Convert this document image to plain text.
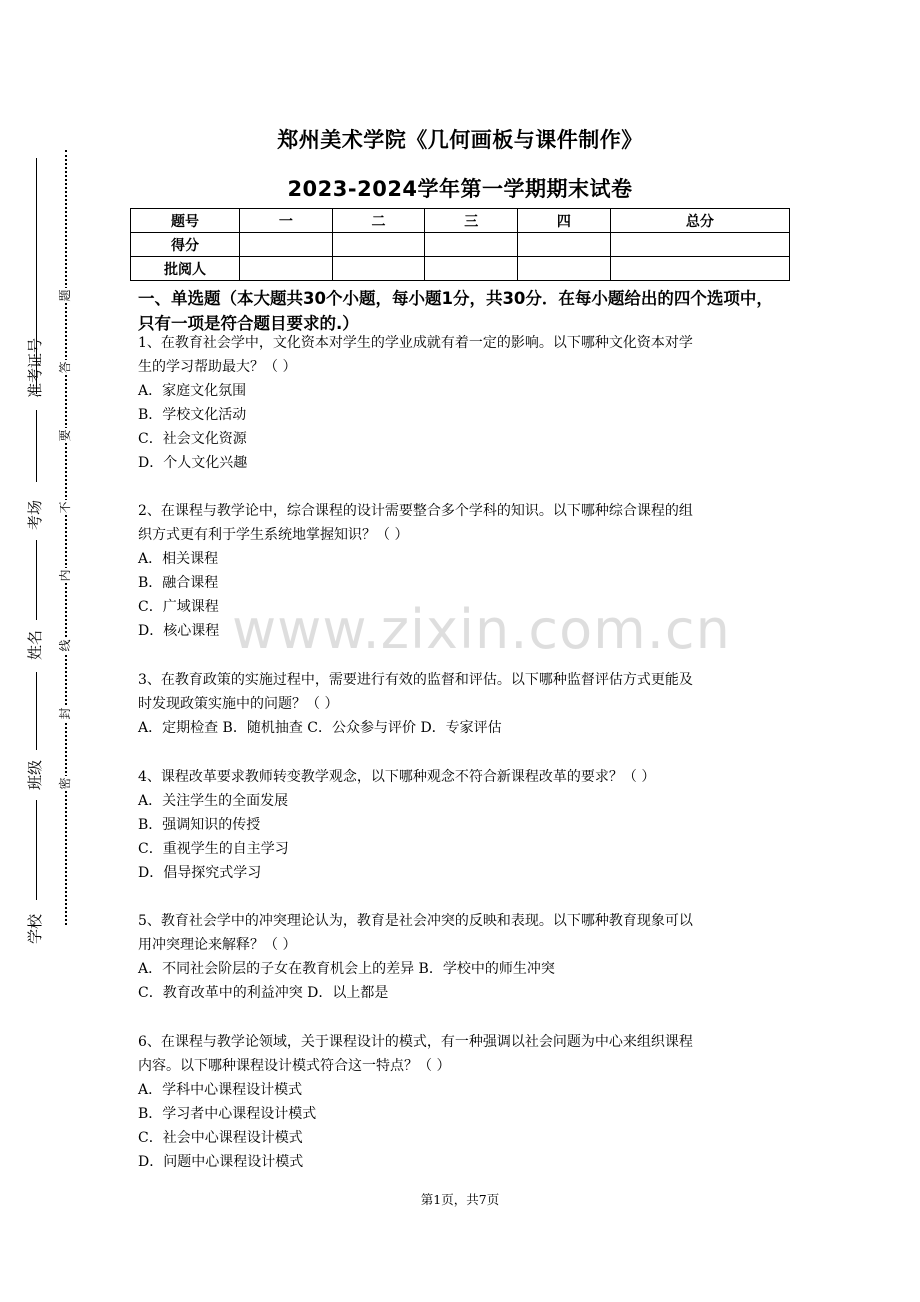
题
答
要
不
内
线
封
密
准考证号
考场
姓名
班级
学校
郑州美术学院《几何画板与课件制作》
2023-2024学年第一学期期末试卷
题号	一	二	三	四	总分
得分					
批阅人					
一、单选题（本大题共30个小题，每小题1分，共30分．在每小题给出的四个选项中，只有一项是符合题目要求的.）
1、在教育社会学中，文化资本对学生的学业成就有着一定的影响。以下哪种文化资本对学
生的学习帮助最大？（ ）
A．家庭文化氛围
B．学校文化活动
C．社会文化资源
D．个人文化兴趣
2、在课程与教学论中，综合课程的设计需要整合多个学科的知识。以下哪种综合课程的组
织方式更有利于学生系统地掌握知识？（ ）
A．相关课程
B．融合课程
C．广域课程
D．核心课程
3、在教育政策的实施过程中，需要进行有效的监督和评估。以下哪种监督评估方式更能及
时发现政策实施中的问题？（ ）
A．定期检查 B．随机抽查 C．公众参与评价 D．专家评估
4、课程改革要求教师转变教学观念，以下哪种观念不符合新课程改革的要求？（ ）
A．关注学生的全面发展
B．强调知识的传授
C．重视学生的自主学习
D．倡导探究式学习
5、教育社会学中的冲突理论认为，教育是社会冲突的反映和表现。以下哪种教育现象可以
用冲突理论来解释？（ ）
A．不同社会阶层的子女在教育机会上的差异 B．学校中的师生冲突
C．教育改革中的利益冲突 D．以上都是
6、在课程与教学论领域，关于课程设计的模式，有一种强调以社会问题为中心来组织课程
内容。以下哪种课程设计模式符合这一特点？（ ）
A．学科中心课程设计模式
B．学习者中心课程设计模式
C．社会中心课程设计模式
D．问题中心课程设计模式
www.zixin.com.cn
第1页，共7页
